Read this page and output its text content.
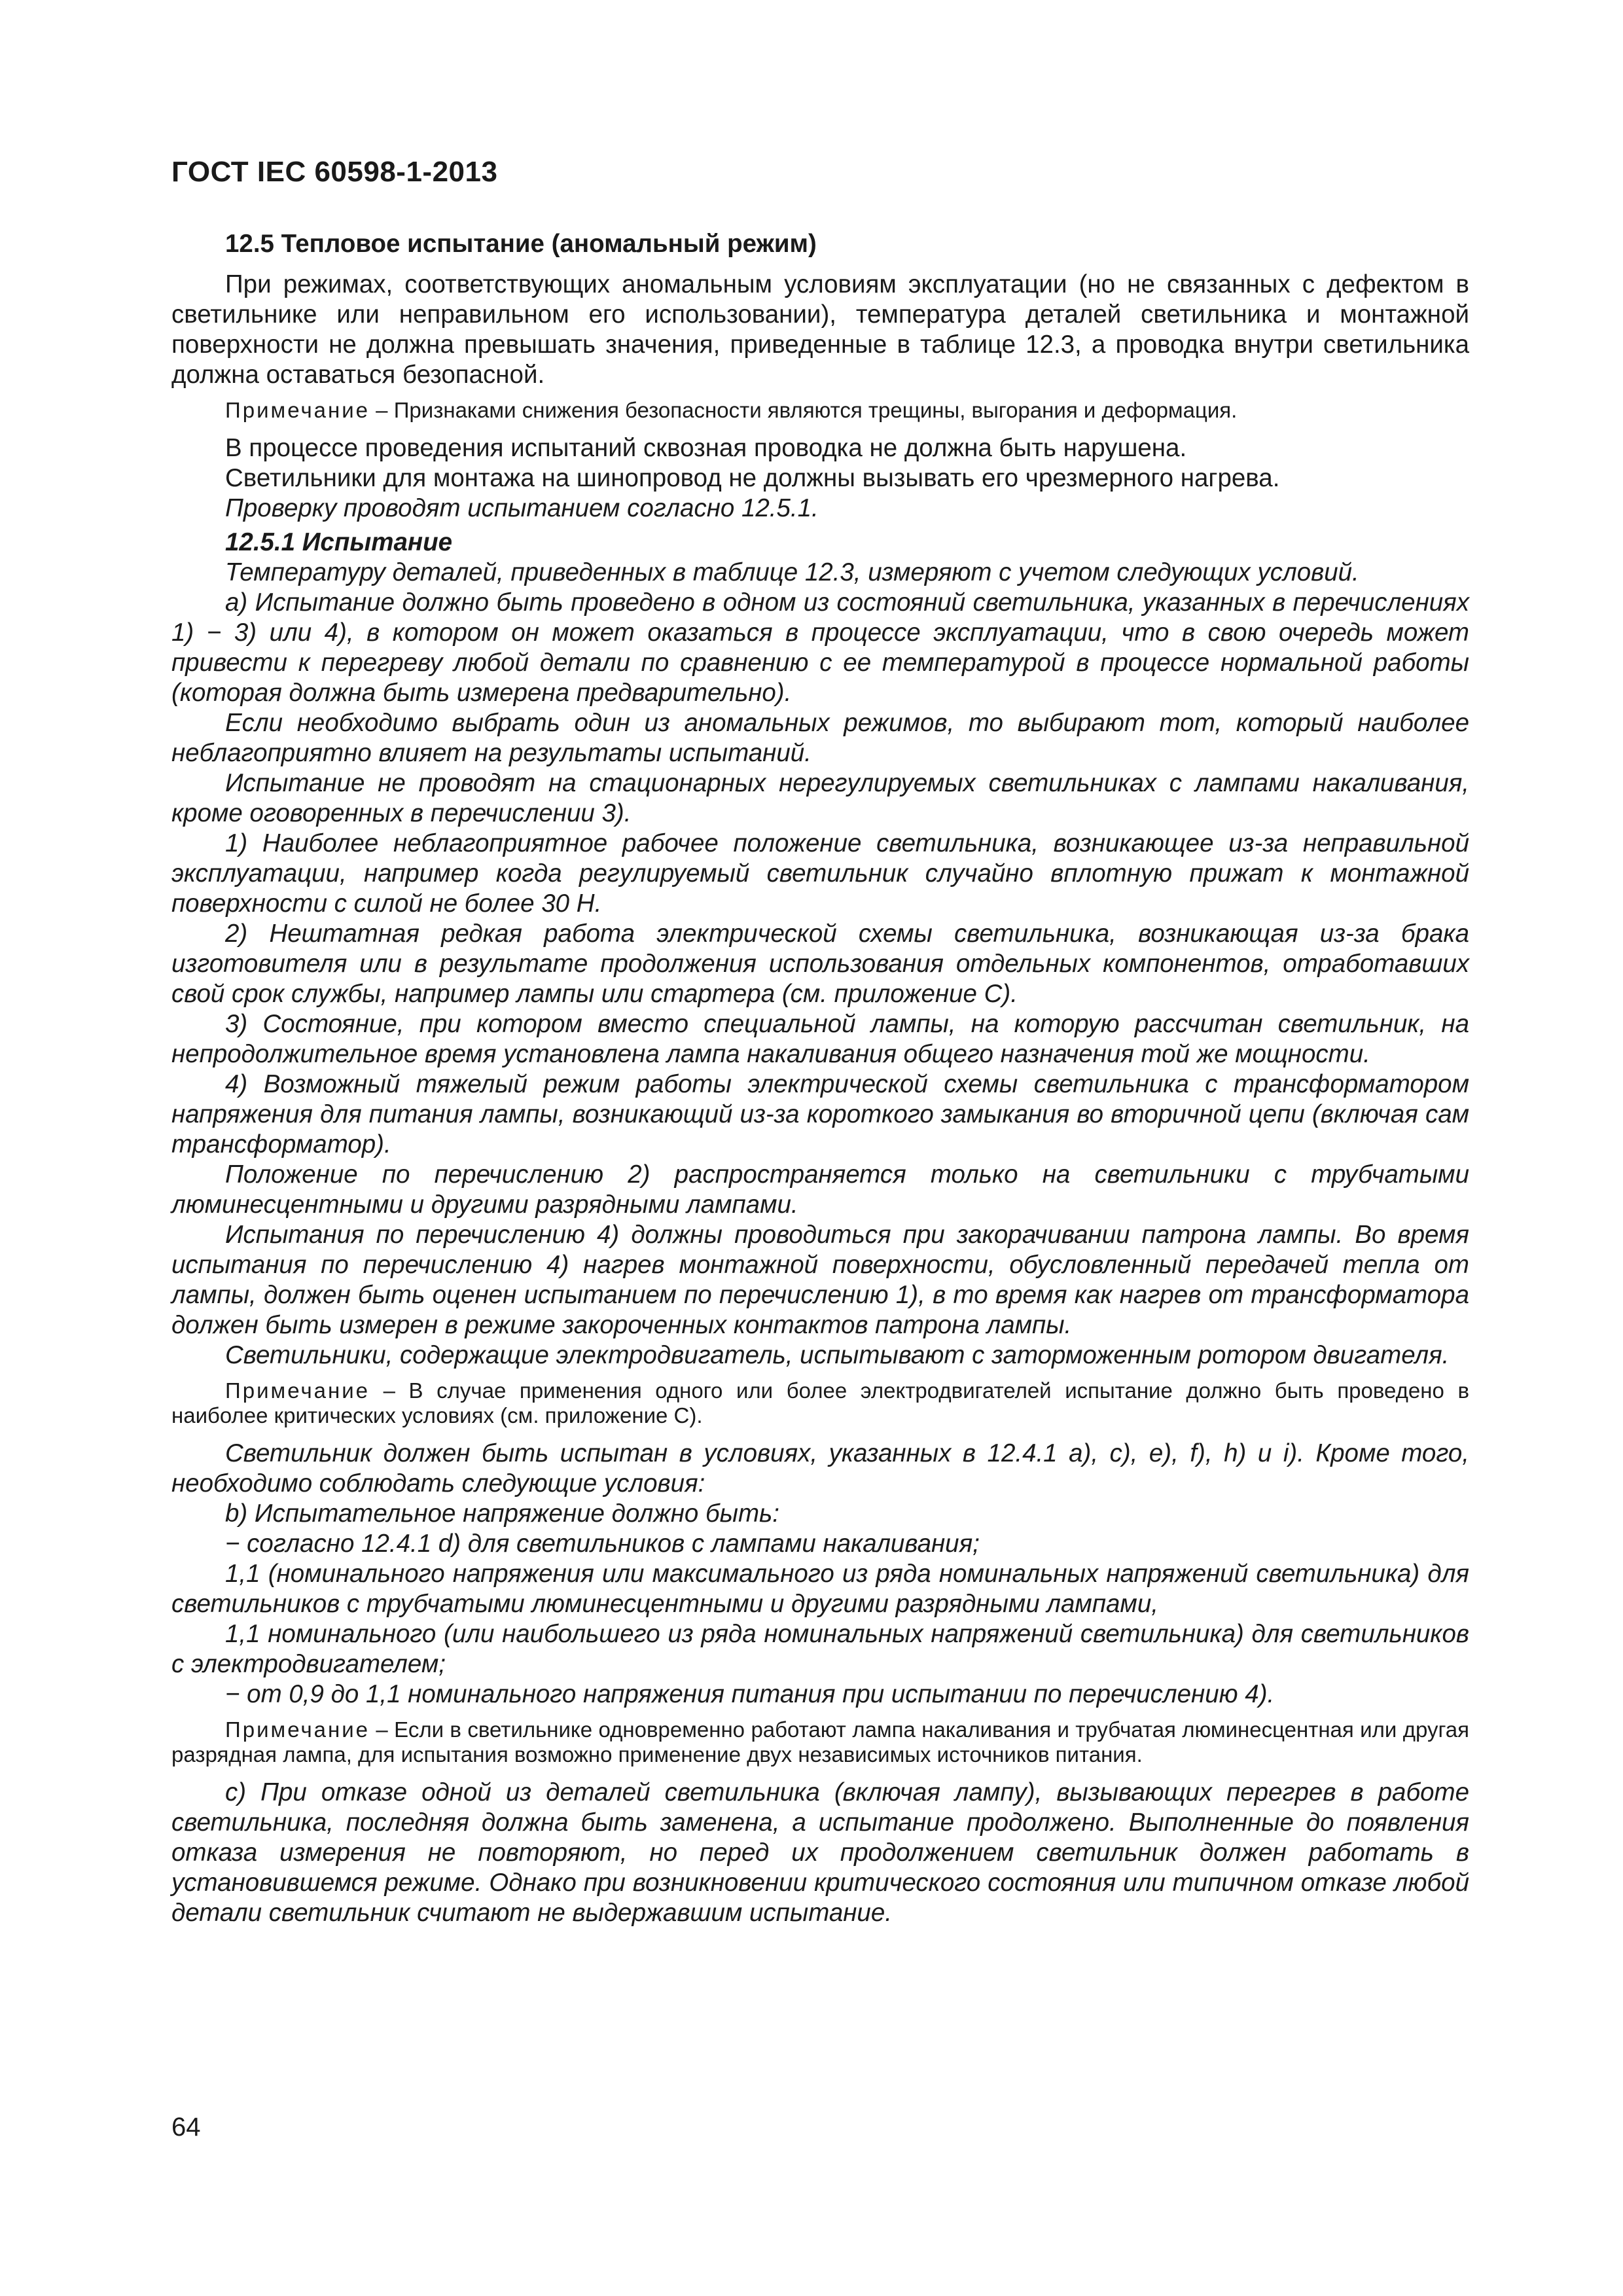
ГОСТ IEC 60598-1-2013

12.5 Тепловое испытание (аномальный режим)

При режимах, соответствующих аномальным условиям эксплуатации (но не связанных с дефектом в светильнике или неправильном его использовании), температура деталей светильника и монтажной поверхности не должна превышать значения, приведенные в таблице 12.3, а проводка внутри светильника должна оставаться безопасной.

Примечание – Признаками снижения безопасности являются трещины, выгорания и деформация.

В процессе проведения испытаний сквозная проводка не должна быть нарушена.

Светильники для монтажа на шинопровод не должны вызывать его чрезмерного нагрева.

Проверку проводят испытанием согласно 12.5.1.

12.5.1 Испытание

Температуру деталей, приведенных в таблице 12.3, измеряют с учетом следующих условий.

a) Испытание должно быть проведено в одном из состояний светильника, указанных в перечислениях 1) − 3) или 4), в котором он может оказаться в процессе эксплуатации, что в свою очередь может привести к перегреву любой детали по сравнению с ее температурой в процессе нормальной работы (которая должна быть измерена предварительно).

Если необходимо выбрать один из аномальных режимов, то выбирают тот, который наиболее неблагоприятно влияет на результаты испытаний.

Испытание не проводят на стационарных нерегулируемых светильниках с лампами накаливания, кроме оговоренных в перечислении 3).

1) Наиболее неблагоприятное рабочее положение светильника, возникающее из-за неправильной эксплуатации, например когда регулируемый светильник случайно вплотную прижат к монтажной поверхности с силой не более 30 Н.

2) Нештатная редкая работа электрической схемы светильника, возникающая из-за брака изготовителя или в результате продолжения использования отдельных компонентов, отработавших свой срок службы, например лампы или стартера (см. приложение С).

3) Состояние, при котором вместо специальной лампы, на которую рассчитан светильник, на непродолжительное время установлена лампа накаливания общего назначения той же мощности.

4) Возможный тяжелый режим работы электрической схемы светильника с трансформатором напряжения для питания лампы, возникающий из-за короткого замыкания во вторичной цепи (включая сам трансформатор).

Положение по перечислению 2) распространяется только на светильники с трубчатыми люминесцентными и другими разрядными лампами.

Испытания по перечислению 4) должны проводиться при закорачивании патрона лампы. Во время испытания по перечислению 4) нагрев монтажной поверхности, обусловленный передачей тепла от лампы, должен быть оценен испытанием по перечислению 1), в то время как нагрев от трансформатора должен быть измерен в режиме закороченных контактов патрона лампы.

Светильники, содержащие электродвигатель, испытывают с заторможенным ротором двигателя.

Примечание – В случае применения одного или более электродвигателей испытание должно быть проведено в наиболее критических условиях (см. приложение С).

Светильник должен быть испытан в условиях, указанных в 12.4.1 a), c), e), f), h) и i). Кроме того, необходимо соблюдать следующие условия:

b) Испытательное напряжение должно быть:

− согласно 12.4.1 d) для светильников с лампами накаливания;

1,1 (номинального напряжения или максимального из ряда номинальных напряжений светильника) для светильников с трубчатыми люминесцентными и другими разрядными лампами,

1,1 номинального (или наибольшего из ряда номинальных напряжений светильника) для светильников с электродвигателем;

− от 0,9 до 1,1 номинального напряжения питания при испытании по перечислению 4).

Примечание – Если в светильнике одновременно работают лампа накаливания и трубчатая люминесцентная или другая разрядная лампа, для испытания возможно применение двух независимых источников питания.

c) При отказе одной из деталей светильника (включая лампу), вызывающих перегрев в работе светильника, последняя должна быть заменена, а испытание продолжено. Выполненные до появления отказа измерения не повторяют, но перед их продолжением светильник должен работать в установившемся режиме. Однако при возникновении критического состояния или типичном отказе любой детали светильник считают не выдержавшим испытание.

64
